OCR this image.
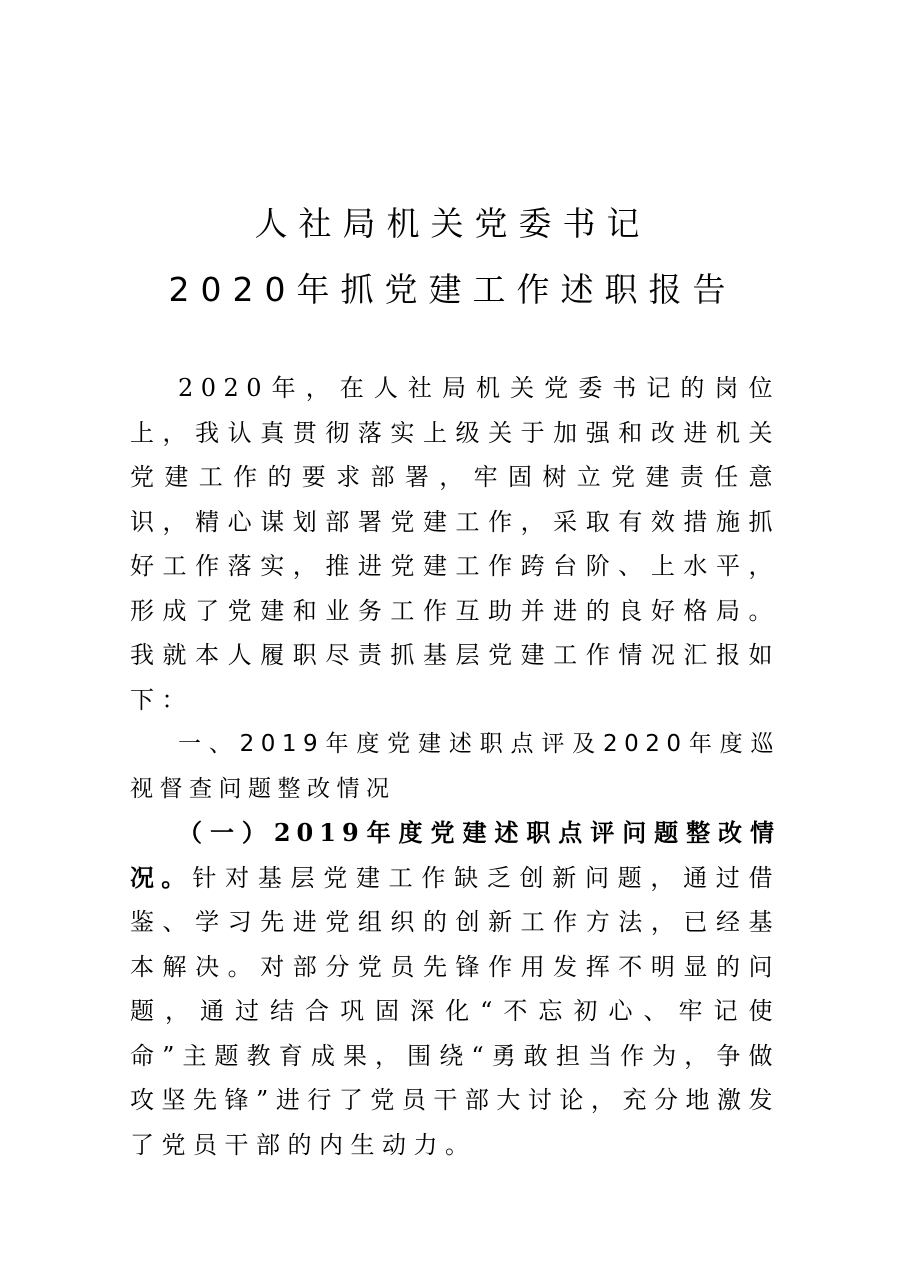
人社局机关党委书记
2020年抓党建工作述职报告

2020年，在人社局机关党委书记的岗位上，我认真贯彻落实上级关于加强和改进机关党建工作的要求部署，牢固树立党建责任意识，精心谋划部署党建工作，采取有效措施抓好工作落实，推进党建工作跨台阶、上水平，形成了党建和业务工作互助并进的良好格局。我就本人履职尽责抓基层党建工作情况汇报如下：

一、2019年度党建述职点评及2020年度巡视督查问题整改情况

（一）2019年度党建述职点评问题整改情况。针对基层党建工作缺乏创新问题，通过借鉴、学习先进党组织的创新工作方法，已经基本解决。对部分党员先锋作用发挥不明显的问题，通过结合巩固深化“不忘初心、牢记使命”主题教育成果，围绕“勇敢担当作为，争做攻坚先锋”进行了党员干部大讨论，充分地激发了党员干部的内生动力。
